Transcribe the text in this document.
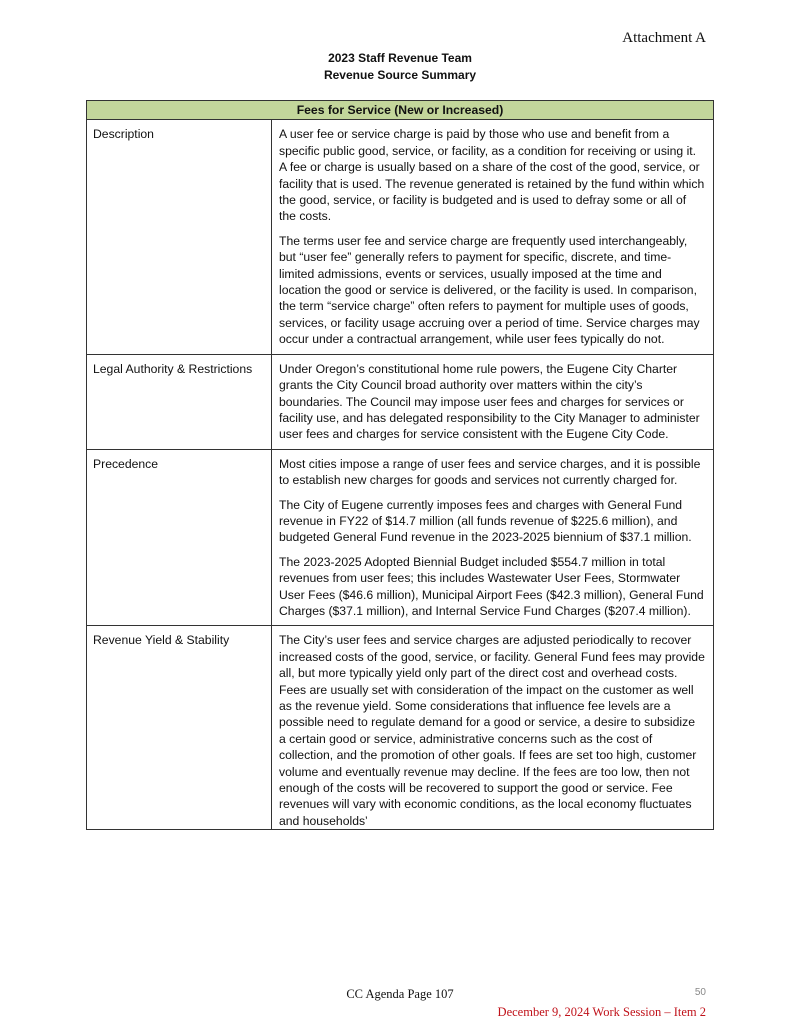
Attachment A
2023 Staff Revenue Team
Revenue Source Summary
Fees for Service (New or Increased)	
Description	A user fee or service charge is paid by those who use and benefit from a specific public good, service, or facility, as a condition for receiving or using it. A fee or charge is usually based on a share of the cost of the good, service, or facility that is used. The revenue generated is retained by the fund within which the good, service, or facility is budgeted and is used to defray some or all of the costs.

The terms user fee and service charge are frequently used interchangeably, but “user fee” generally refers to payment for specific, discrete, and time-limited admissions, events or services, usually imposed at the time and location the good or service is delivered, or the facility is used. In comparison, the term “service charge” often refers to payment for multiple uses of goods, services, or facility usage accruing over a period of time. Service charges may occur under a contractual arrangement, while user fees typically do not.

Legal Authority & Restrictions	Under Oregon’s constitutional home rule powers, the Eugene City Charter grants the City Council broad authority over matters within the city’s boundaries. The Council may impose user fees and charges for services or facility use, and has delegated responsibility to the City Manager to administer user fees and charges for service consistent with the Eugene City Code.

Precedence	Most cities impose a range of user fees and service charges, and it is possible to establish new charges for goods and services not currently charged for.

The City of Eugene currently imposes fees and charges with General Fund revenue in FY22 of $14.7 million (all funds revenue of $225.6 million), and budgeted General Fund revenue in the 2023-2025 biennium of $37.1 million.

The 2023-2025 Adopted Biennial Budget included $554.7 million in total revenues from user fees; this includes Wastewater User Fees, Stormwater User Fees ($46.6 million), Municipal Airport Fees ($42.3 million), General Fund Charges ($37.1 million), and Internal Service Fund Charges ($207.4 million).

Revenue Yield & Stability	The City’s user fees and service charges are adjusted periodically to recover increased costs of the good, service, or facility. General Fund fees may provide all, but more typically yield only part of the direct cost and overhead costs. Fees are usually set with consideration of the impact on the customer as well as the revenue yield. Some considerations that influence fee levels are a possible need to regulate demand for a good or service, a desire to subsidize a certain good or service, administrative concerns such as the cost of collection, and the promotion of other goals. If fees are set too high, customer volume and eventually revenue may decline. If the fees are too low, then not enough of the costs will be recovered to support the good or service. Fee revenues will vary with economic conditions, as the local economy fluctuates and households’

CC Agenda Page 107	50
December 9, 2024 Work Session – Item 2
